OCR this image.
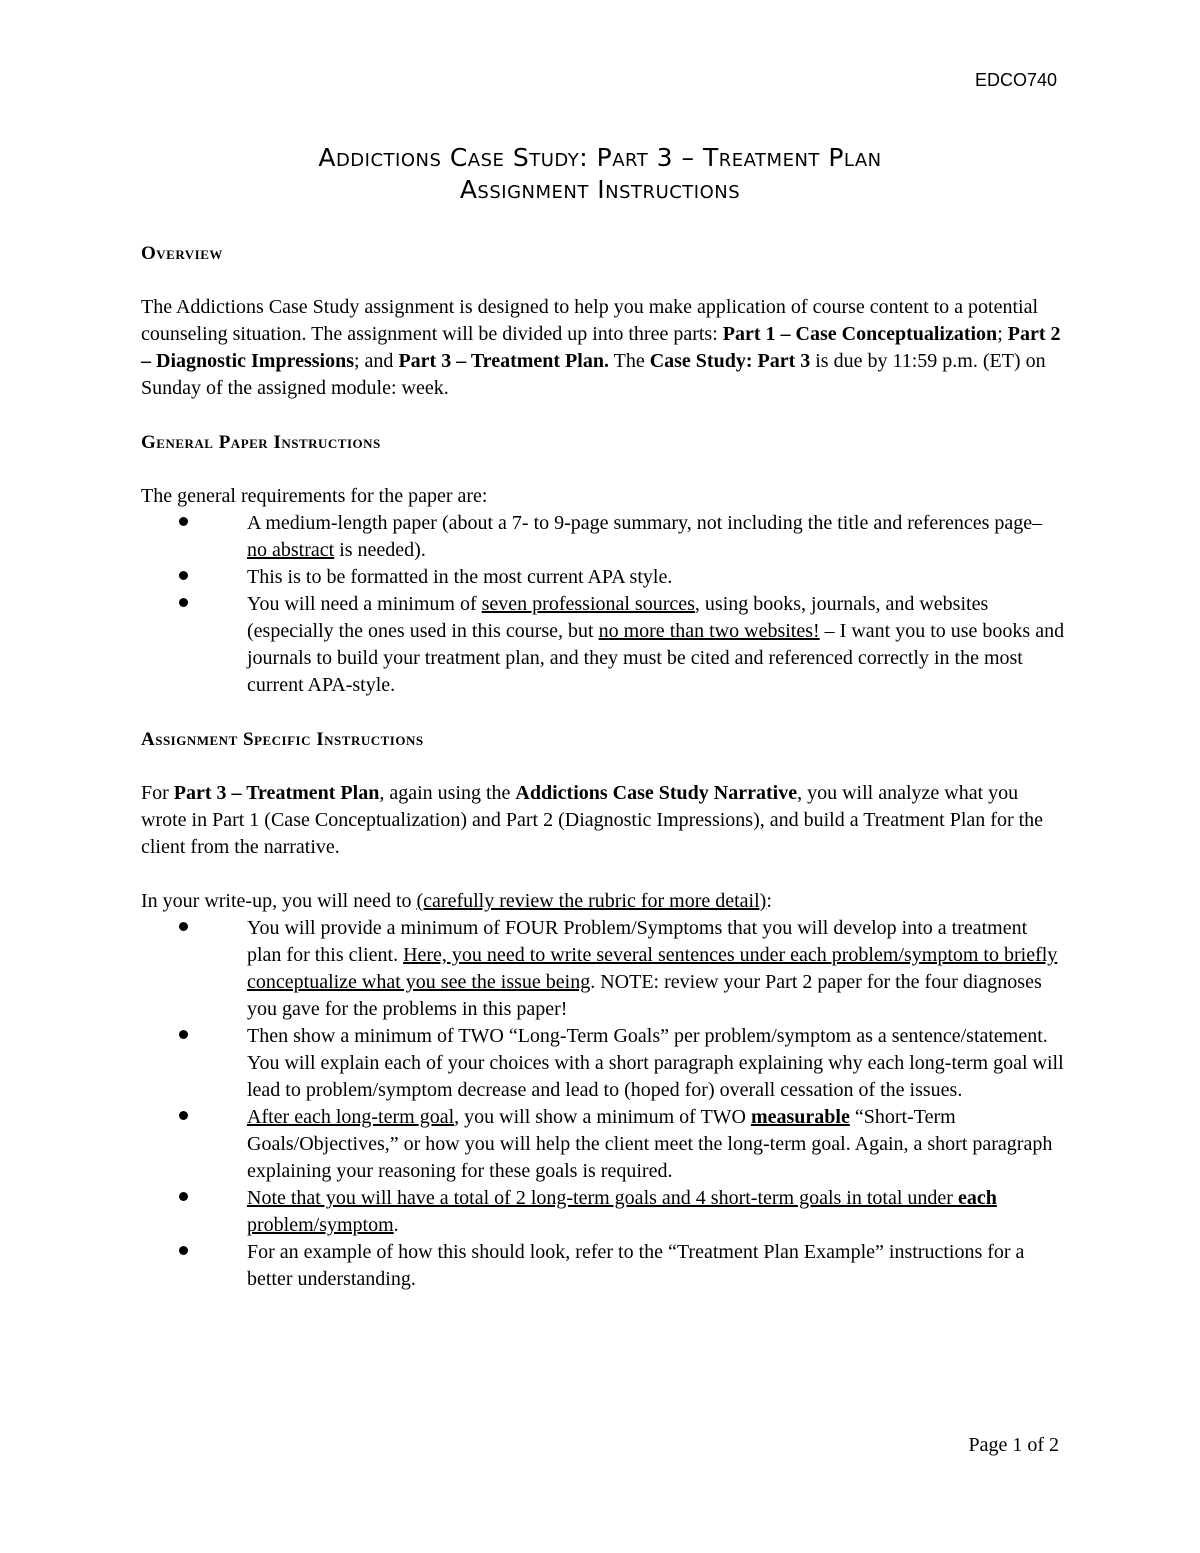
EDCO740
Addictions Case Study: Part 3 – Treatment Plan
Assignment Instructions
Overview

The Addictions Case Study assignment is designed to help you make application of course content to a potential counseling situation. The assignment will be divided up into three parts: Part 1 – Case Conceptualization; Part 2 – Diagnostic Impressions; and Part 3 – Treatment Plan. The Case Study: Part 3 is due by 11:59 p.m. (ET) on Sunday of the assigned module: week.

General Paper Instructions

The general requirements for the paper are:

A medium-length paper (about a 7- to 9-page summary, not including the title and references page– no abstract is needed).
This is to be formatted in the most current APA style.
You will need a minimum of seven professional sources, using books, journals, and websites (especially the ones used in this course, but no more than two websites! – I want you to use books and journals to build your treatment plan, and they must be cited and referenced correctly in the most current APA-style.
Assignment Specific Instructions

For Part 3 – Treatment Plan, again using the Addictions Case Study Narrative, you will analyze what you wrote in Part 1 (Case Conceptualization) and Part 2 (Diagnostic Impressions), and build a Treatment Plan for the client from the narrative.

In your write-up, you will need to (carefully review the rubric for more detail):

You will provide a minimum of FOUR Problem/Symptoms that you will develop into a treatment plan for this client. Here, you need to write several sentences under each problem/symptom to briefly conceptualize what you see the issue being. NOTE: review your Part 2 paper for the four diagnoses you gave for the problems in this paper!
Then show a minimum of TWO “Long-Term Goals” per problem/symptom as a sentence/statement. You will explain each of your choices with a short paragraph explaining why each long-term goal will lead to problem/symptom decrease and lead to (hoped for) overall cessation of the issues.
After each long-term goal, you will show a minimum of TWO measurable “Short-Term Goals/Objectives,” or how you will help the client meet the long-term goal. Again, a short paragraph explaining your reasoning for these goals is required.
Note that you will have a total of 2 long-term goals and 4 short-term goals in total under each problem/symptom.
For an example of how this should look, refer to the “Treatment Plan Example” instructions for a better understanding.
Page 1 of 2
